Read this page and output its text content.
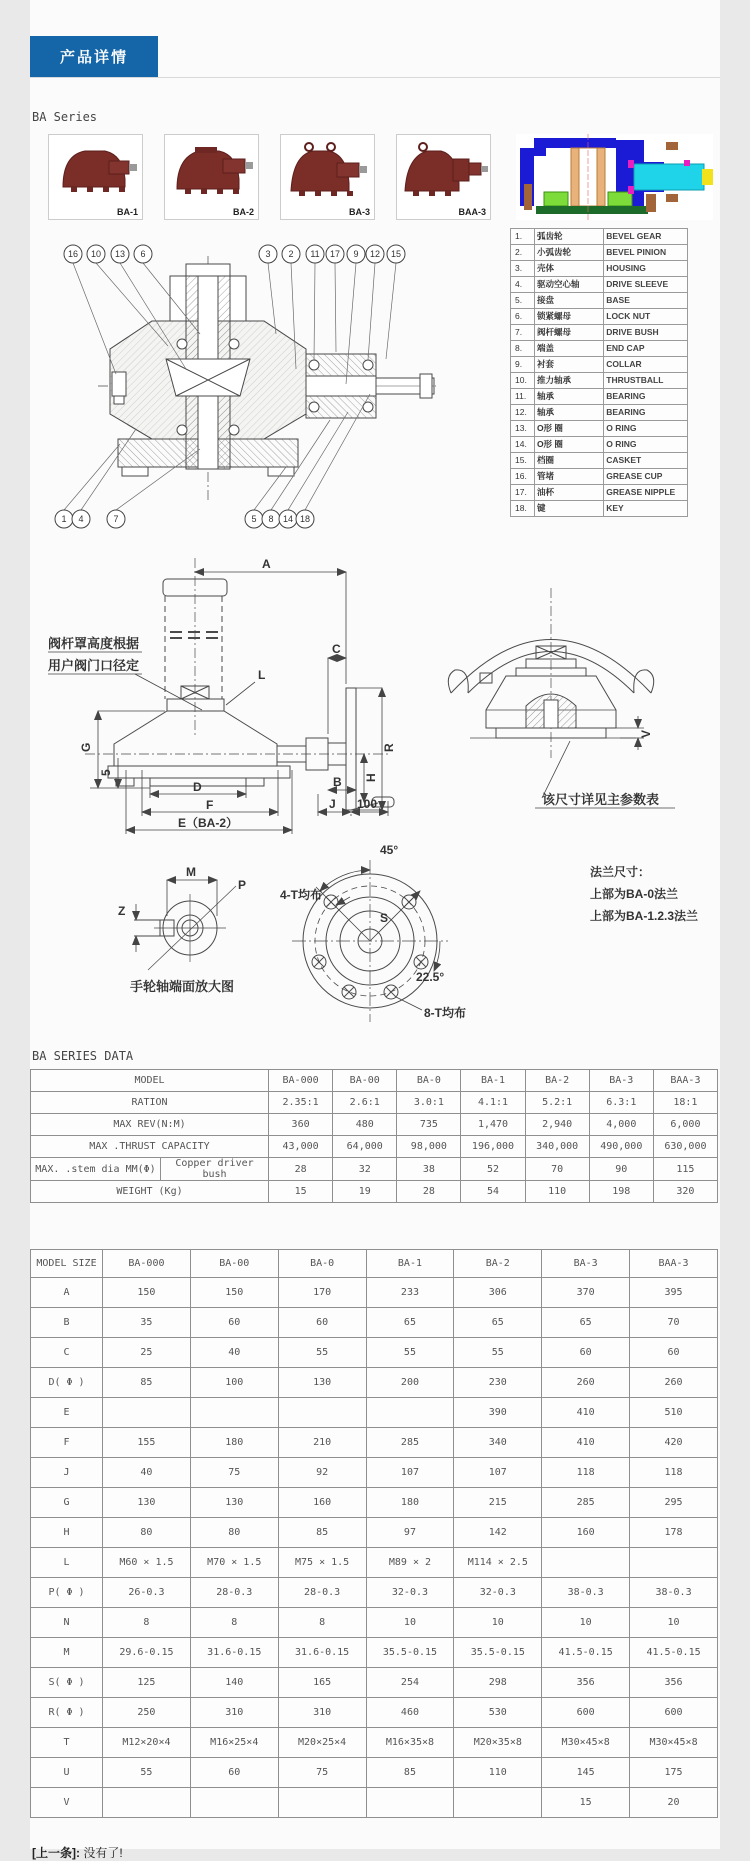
产品详情
BA Series
BA-1	BA-2	BA-3	BAA-3
16 10 13 6	3 2 11 17 9 12 15
1 4	7	5 8 14 18
1.	弧齿轮	BEVEL GEAR
2.	小弧齿轮	BEVEL PINION
3.	壳体	HOUSING
4.	驱动空心轴	DRIVE SLEEVE
5.	接盘	BASE
6.	锁紧螺母	LOCK NUT
7.	阀杆螺母	DRIVE BUSH
8.	端盖	END CAP
9.	衬套	COLLAR
10.	推力轴承	THRUSTBALL
11.	轴承	BEARING
12.	轴承	BEARING
13.	O形 圈	O RING
14.	O形 圈	O RING
15.	档圈	CASKET
16.	管堵	GREASE CUP
17.	油杯	GREASE NIPPLE
18.	键	KEY
A
C
L
G
5
R
H
B
D
F
E（BA-2）
J 100
阀杆罩高度根据
用户阀门口径定
V
该尺寸详见主参数表
M
P
Z
手轮轴端面放大图
45°
4-T均布
S
22.5°
8-T均布
法兰尺寸：
上部为BA-0法兰
上部为BA-1.2.3法兰
BA SERIES DATA
MODEL		BA-000	BA-00	BA-0	BA-1	BA-2	BA-3	BAA-3
RATION		2.35:1	2.6:1	3.0:1	4.1:1	5.2:1	6.3:1	18:1
MAX REV(N:M)		360	480	735	1,470	2,940	4,000	6,000
MAX .THRUST CAPACITY		43,000	64,000	98,000	196,000	340,000	490,000	630,000
MAX. .stem dia MM(Φ)	Copper driver bush	28	32	38	52	70	90	115
WEIGHT (Kg)		15	19	28	54	110	198	320
MODEL SIZE	BA-000	BA-00	BA-0	BA-1	BA-2	BA-3	BAA-3
A	150	150	170	233	306	370	395
B	35	60	60	65	65	65	70
C	25	40	55	55	55	60	60
D( Φ )	85	100	130	200	230	260	260
E					390	410	510
F	155	180	210	285	340	410	420
J	40	75	92	107	107	118	118
G	130	130	160	180	215	285	295
H	80	80	85	97	142	160	178
L	M60 × 1.5	M70 × 1.5	M75 × 1.5	M89 × 2	M114 × 2.5		
P( Φ )	26-0.3	28-0.3	28-0.3	32-0.3	32-0.3	38-0.3	38-0.3
N	8	8	8	10	10	10	10
M	29.6-0.15	31.6-0.15	31.6-0.15	35.5-0.15	35.5-0.15	41.5-0.15	41.5-0.15
S( Φ )	125	140	165	254	298	356	356
R( Φ )	250	310	310	460	530	600	600
T	M12×20×4	M16×25×4	M20×25×4	M16×35×8	M20×35×8	M30×45×8	M30×45×8
U	55	60	75	85	110	145	175
V						15	20
[上一条]: 没有了!
